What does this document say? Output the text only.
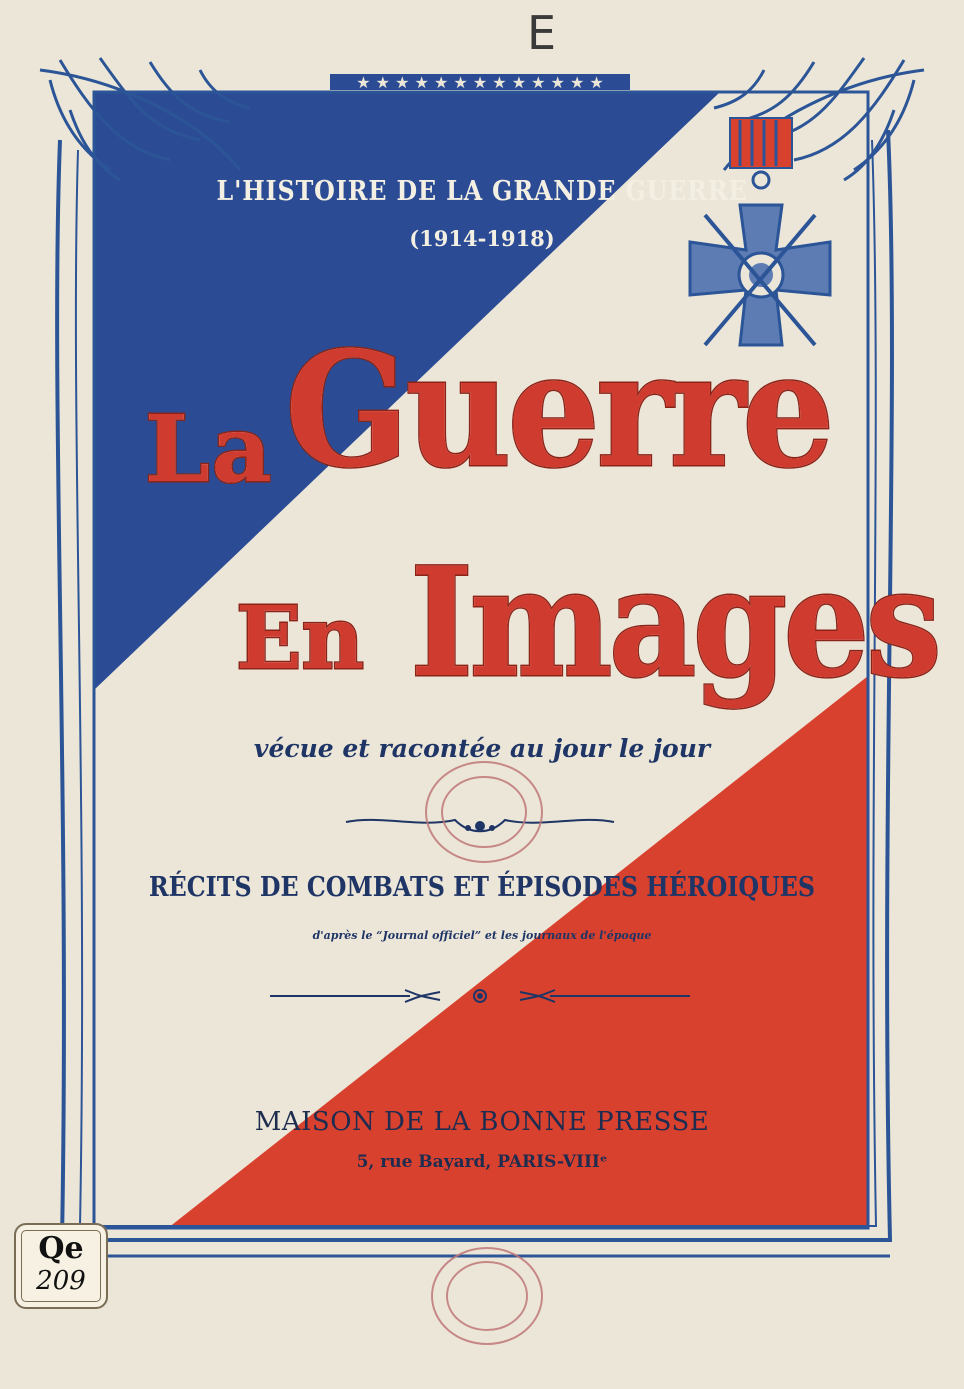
★ ★ ★ ★ ★ ★ ★ ★ ★ ★ ★ ★ ★
L'HISTOIRE DE LA GRANDE GUERRE
(1914-1918)
La Guerre
En Images
vécue et racontée au jour le jour
RÉCITS DE COMBATS ET ÉPISODES HÉROIQUES
d'après le “Journal officiel” et les journaux de l'époque
MAISON DE LA BONNE PRESSE
5, rue Bayard, PARIS-VIIIᵉ
E
Qe
209
